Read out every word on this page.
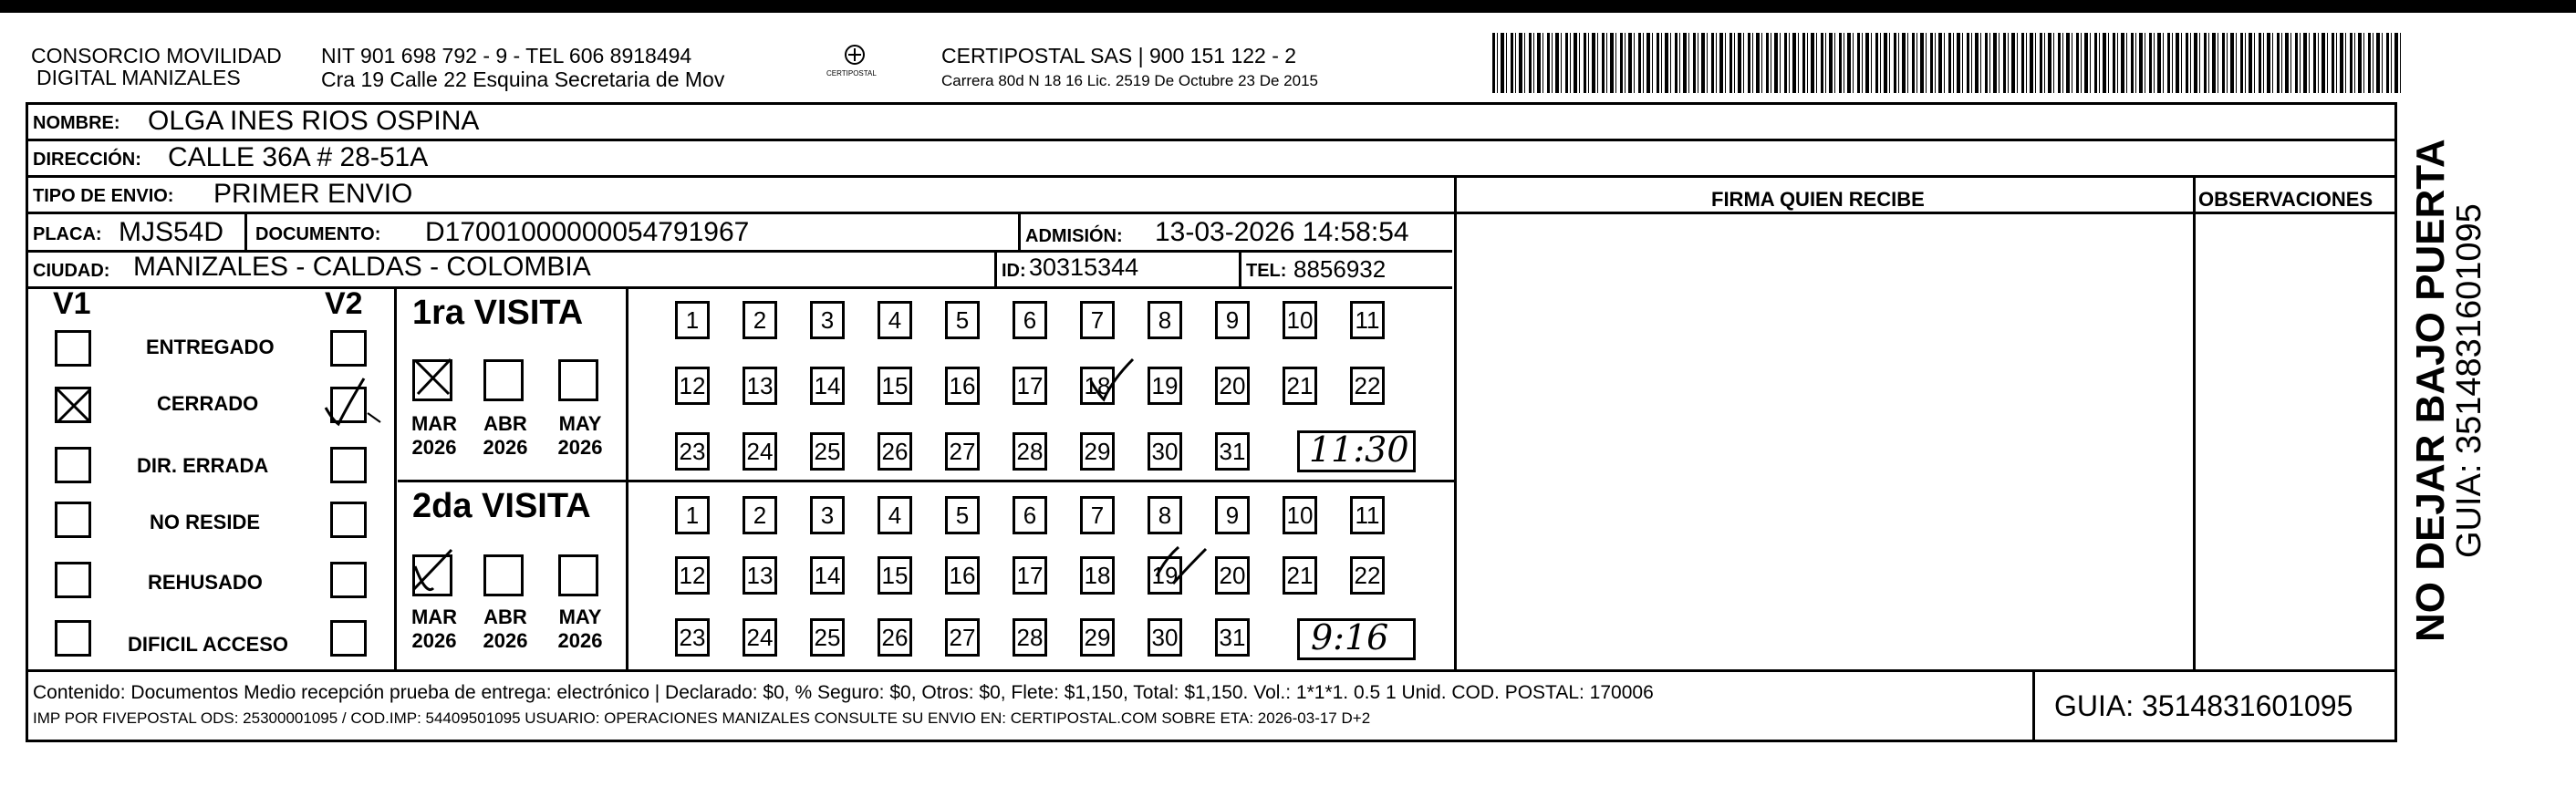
CONSORCIO MOVILIDAD
DIGITAL MANIZALES
NIT 901 698 792 - 9 - TEL 606 8918494
Cra 19 Calle 22 Esquina Secretaria de Mov	CERTIPOSTAL
CERTIPOSTAL SAS | 900 151 122 - 2
Carrera 80d N 18 16 Lic. 2519 De Octubre 23 De 2015
NOMBRE: OLGA INES RIOS OSPINA
DIRECCIÓN: CALLE 36A # 28-51A
TIPO DE ENVIO: PRIMER ENVIO	FIRMA QUIEN RECIBE	OBSERVACIONES
PLACA: MJS54D DOCUMENTO: D17001000000054791967	ADMISIÓN: 13-03-2026 14:58:54
CIUDAD: MANIZALES - CALDAS - COLOMBIA	ID: 30315344	TEL: 8856932
V1	V2
ENTREGADO
CERRADO
DIR. ERRADA
NO RESIDE
REHUSADO
DIFICIL ACCESO
1ra VISITA
MAR
2026
ABR
2026
MAY
2026
2da VISITA
MAR
2026
ABR
2026
MAY
2026
1	2	3	4	5	6	7	8	9	10 11
12 13 14 15 16 17 18 19 20 21 22
23 24 25 26 27 28 29 30 31
1	2	3	4	5	6	7	8	9	10 11
12 13 14 15 16 17 18 19 20 21 22
23 24 25 26 27 28 29 30 31
11:30
9:16
Contenido: Documentos Medio recepción prueba de entrega: electrónico | Declarado: $0, % Seguro: $0, Otros: $0, Flete: $1,150, Total: $1,150. Vol.: 1*1*1. 0.5 1 Unid. COD. POSTAL: 170006
IMP POR FIVEPOSTAL ODS: 25300001095 / COD.IMP: 54409501095 USUARIO: OPERACIONES MANIZALES CONSULTE SU ENVIO EN: CERTIPOSTAL.COM SOBRE ETA: 2026-03-17 D+2	GUIA: 3514831601095
NO DEJAR BAJO PUERTA
GUIA: 3514831601095
